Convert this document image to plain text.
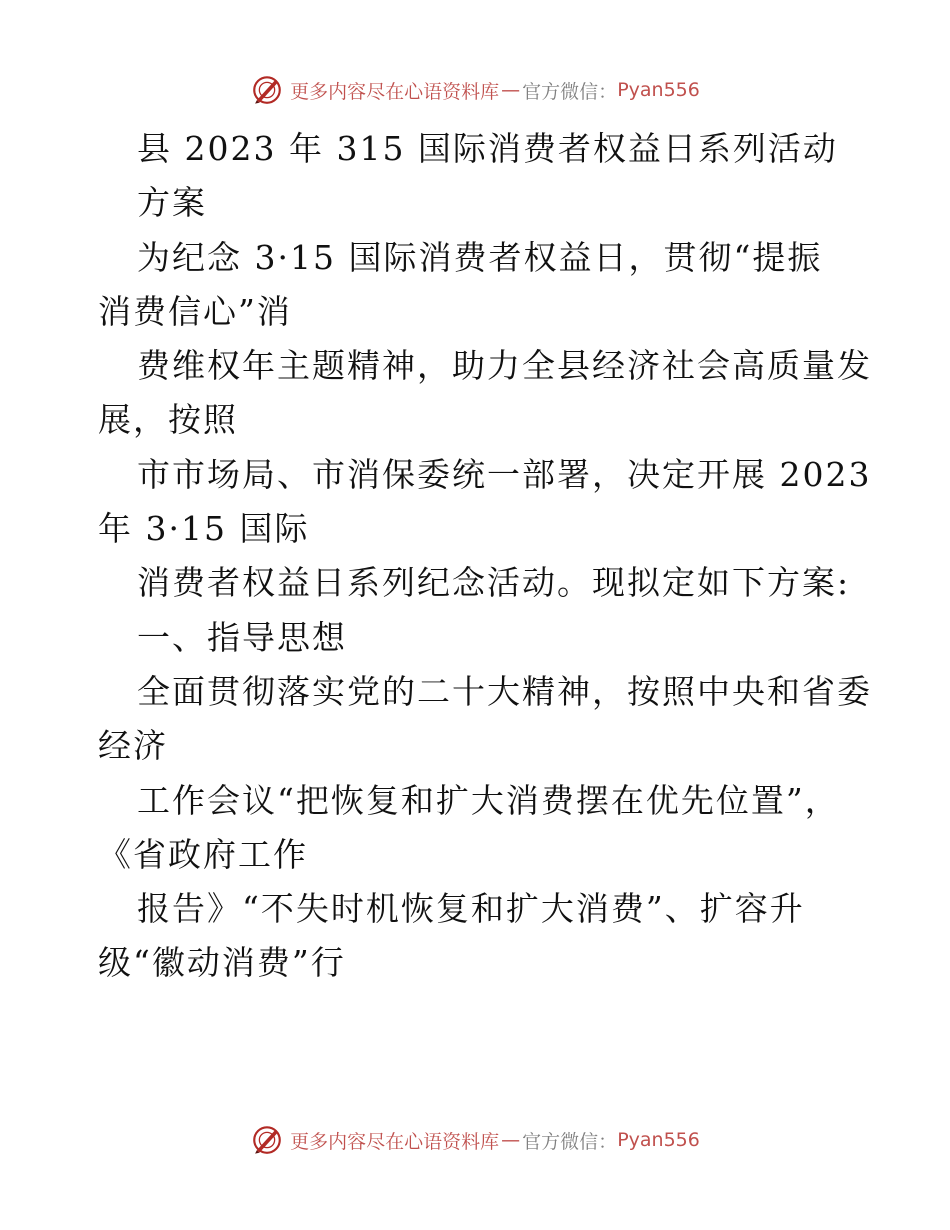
更多内容尽在心语资料库 — 官方微信： Pyan556
县 2023 年 315 国际消费者权益日系列活动
方案
为纪念 3·15 国际消费者权益日，贯彻“提振
消费信心”消
费维权年主题精神，助力全县经济社会高质量发
展，按照
市市场局、市消保委统一部署，决定开展 2023
年 3·15 国际
消费者权益日系列纪念活动。现拟定如下方案:
一、指导思想
全面贯彻落实党的二十大精神，按照中央和省委
经济
工作会议“把恢复和扩大消费摆在优先位置”，
《省政府工作
报告》“不失时机恢复和扩大消费”、扩容升
级“徽动消费”行
更多内容尽在心语资料库 — 官方微信： Pyan556
